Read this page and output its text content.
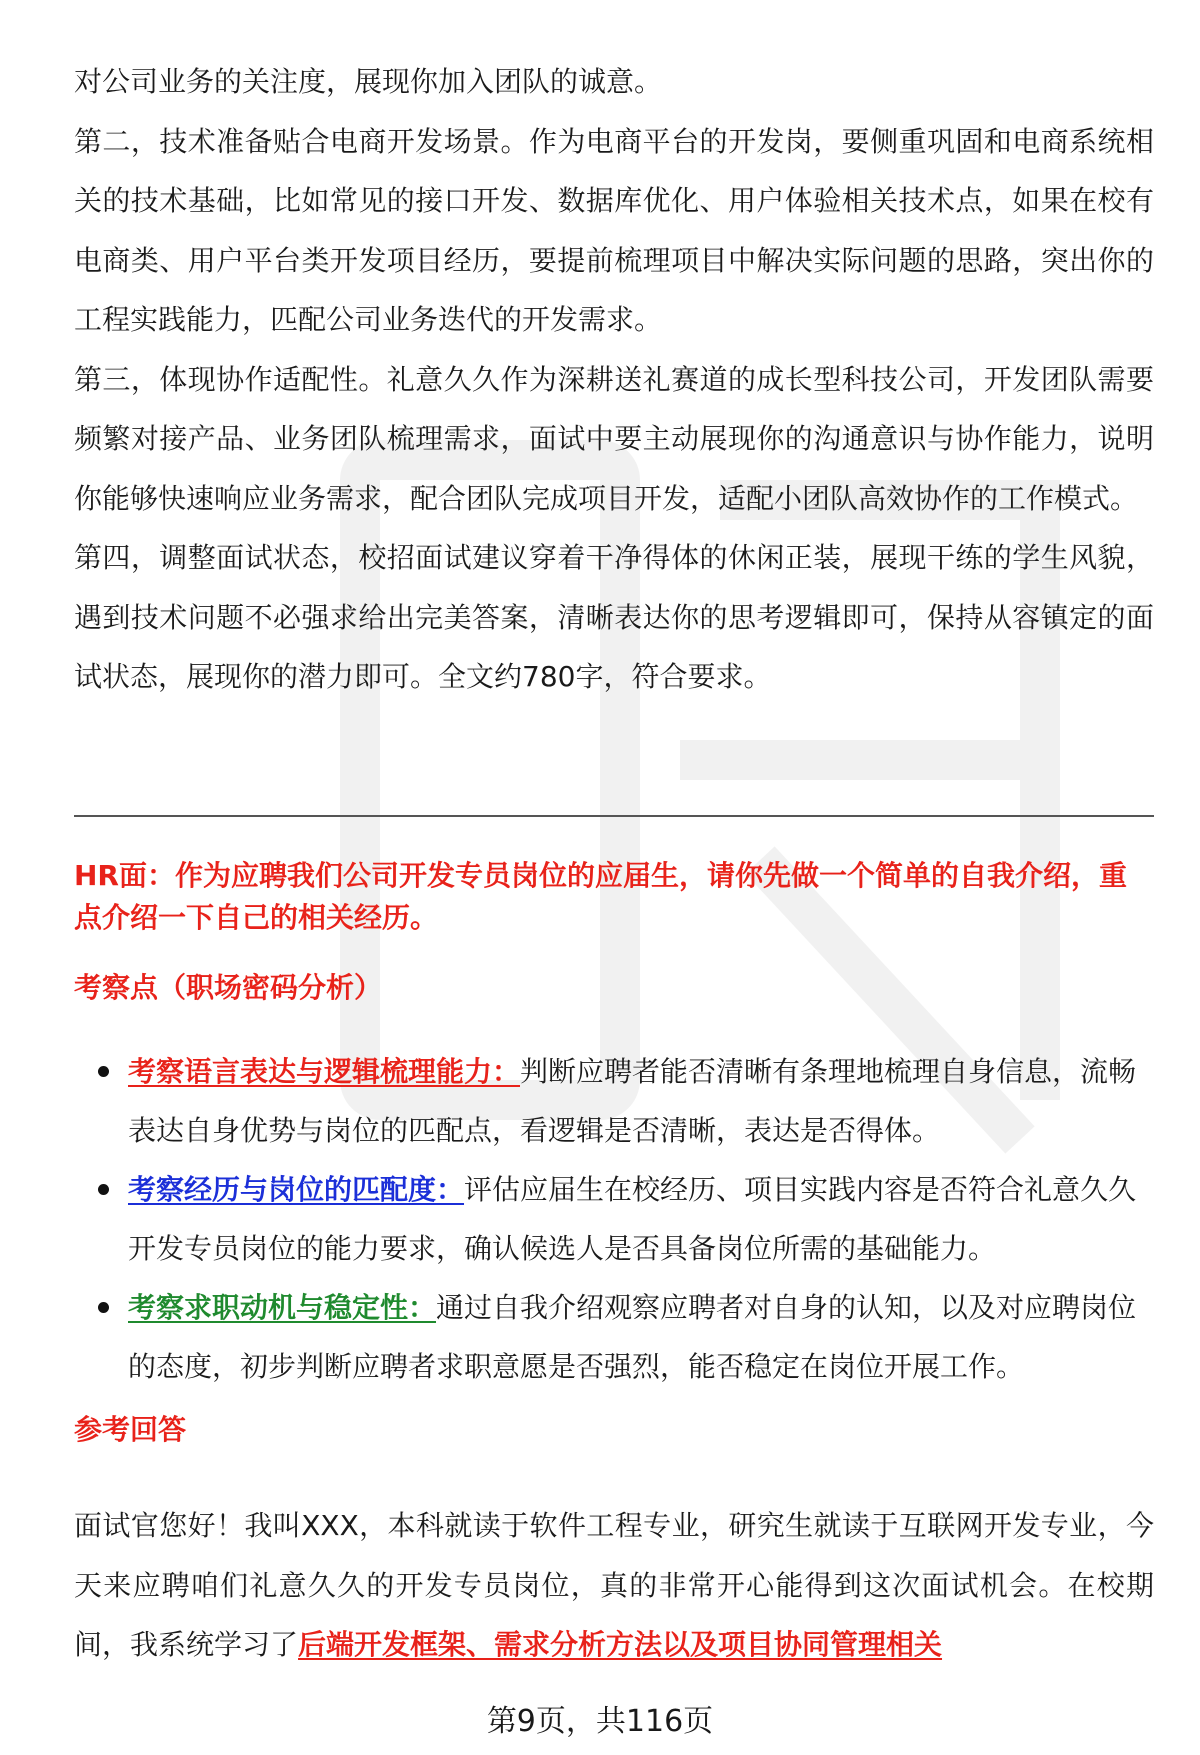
对公司业务的关注度，展现你加入团队的诚意。

第二，技术准备贴合电商开发场景。作为电商平台的开发岗，要侧重巩固和电商系统相关的技术基础，比如常见的接口开发、数据库优化、用户体验相关技术点，如果在校有电商类、用户平台类开发项目经历，要提前梳理项目中解决实际问题的思路，突出你的工程实践能力，匹配公司业务迭代的开发需求。

第三，体现协作适配性。礼意久久作为深耕送礼赛道的成长型科技公司，开发团队需要频繁对接产品、业务团队梳理需求，面试中要主动展现你的沟通意识与协作能力，说明你能够快速响应业务需求，配合团队完成项目开发，适配小团队高效协作的工作模式。

第四，调整面试状态，校招面试建议穿着干净得体的休闲正装，展现干练的学生风貌，遇到技术问题不必强求给出完美答案，清晰表达你的思考逻辑即可，保持从容镇定的面试状态，展现你的潜力即可。全文约780字，符合要求。

HR面：作为应聘我们公司开发专员岗位的应届生，请你先做一个简单的自我介绍，重点介绍一下自己的相关经历。

考察点（职场密码分析）

考察语言表达与逻辑梳理能力：判断应聘者能否清晰有条理地梳理自身信息，流畅表达自身优势与岗位的匹配点，看逻辑是否清晰，表达是否得体。
考察经历与岗位的匹配度：评估应届生在校经历、项目实践内容是否符合礼意久久开发专员岗位的能力要求，确认候选人是否具备岗位所需的基础能力。
考察求职动机与稳定性：通过自我介绍观察应聘者对自身的认知，以及对应聘岗位的态度，初步判断应聘者求职意愿是否强烈，能否稳定在岗位开展工作。

参考回答

面试官您好！我叫XXX，本科就读于软件工程专业，研究生就读于互联网开发专业，今天来应聘咱们礼意久久的开发专员岗位，真的非常开心能得到这次面试机会。在校期间，我系统学习了后端开发框架、需求分析方法以及项目协同管理相关

第9页，共116页
